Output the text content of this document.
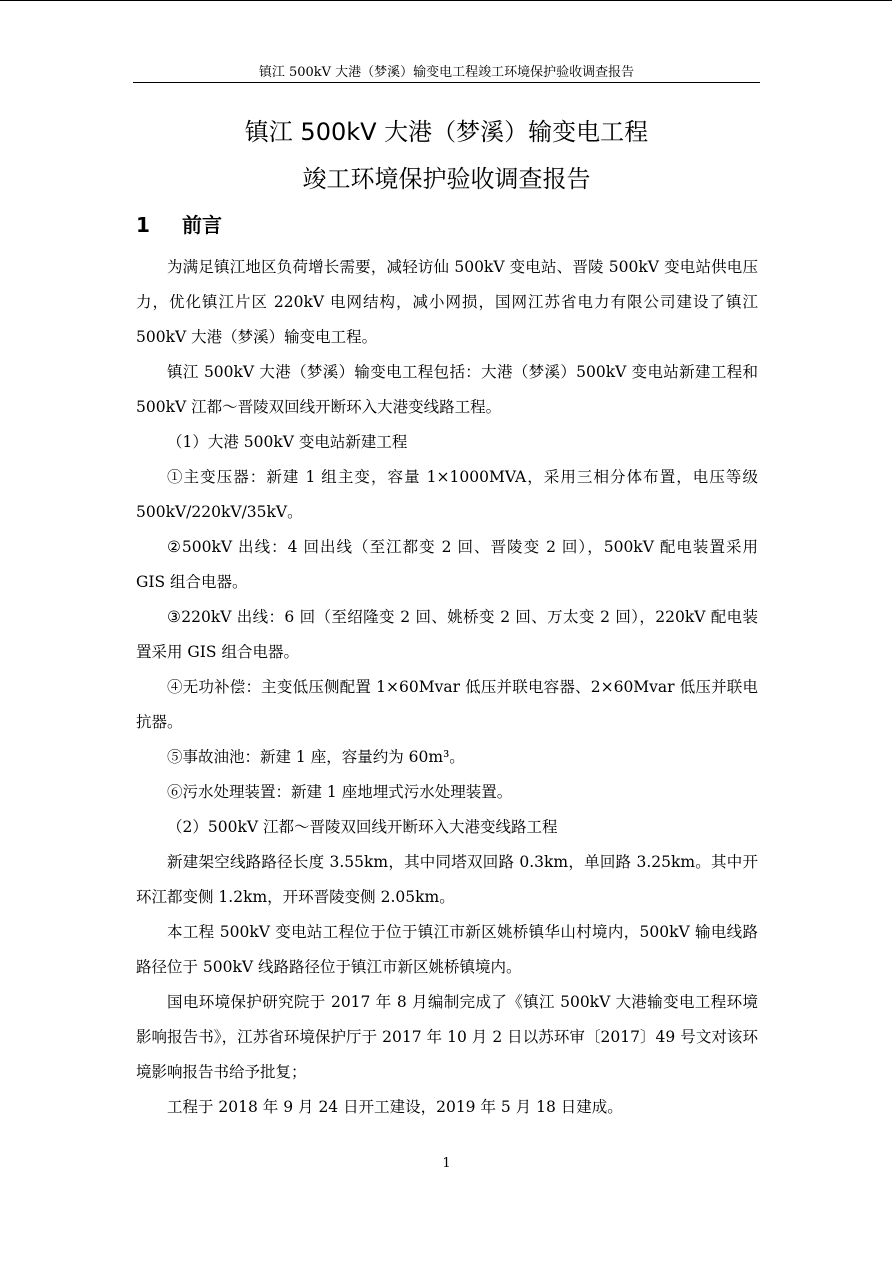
镇江 500kV 大港（梦溪）输变电工程竣工环境保护验收调查报告
镇江 500kV 大港（梦溪）输变电工程
竣工环境保护验收调查报告
1 前言

为满足镇江地区负荷增长需要，减轻访仙 500kV 变电站、晋陵 500kV 变电站供电压力，优化镇江片区 220kV 电网结构，减小网损，国网江苏省电力有限公司建设了镇江 500kV 大港（梦溪）输变电工程。

镇江 500kV 大港（梦溪）输变电工程包括：大港（梦溪）500kV 变电站新建工程和 500kV 江都～晋陵双回线开断环入大港变线路工程。

（1）大港 500kV 变电站新建工程

①主变压器：新建 1 组主变，容量 1×1000MVA，采用三相分体布置，电压等级 500kV/220kV/35kV。

②500kV 出线：4 回出线（至江都变 2 回、晋陵变 2 回），500kV 配电装置采用 GIS 组合电器。

③220kV 出线：6 回（至绍隆变 2 回、姚桥变 2 回、万太变 2 回），220kV 配电装置采用 GIS 组合电器。

④无功补偿：主变低压侧配置 1×60Mvar 低压并联电容器、2×60Mvar 低压并联电抗器。

⑤事故油池：新建 1 座，容量约为 60m³。

⑥污水处理装置：新建 1 座地埋式污水处理装置。

（2）500kV 江都～晋陵双回线开断环入大港变线路工程

新建架空线路路径长度 3.55km，其中同塔双回路 0.3km，单回路 3.25km。其中开环江都变侧 1.2km，开环晋陵变侧 2.05km。

本工程 500kV 变电站工程位于位于镇江市新区姚桥镇华山村境内，500kV 输电线路路径位于 500kV 线路路径位于镇江市新区姚桥镇境内。

国电环境保护研究院于 2017 年 8 月编制完成了《镇江 500kV 大港输变电工程环境影响报告书》，江苏省环境保护厅于 2017 年 10 月 2 日以苏环审〔2017〕49 号文对该环境影响报告书给予批复；

工程于 2018 年 9 月 24 日开工建设，2019 年 5 月 18 日建成。

1
